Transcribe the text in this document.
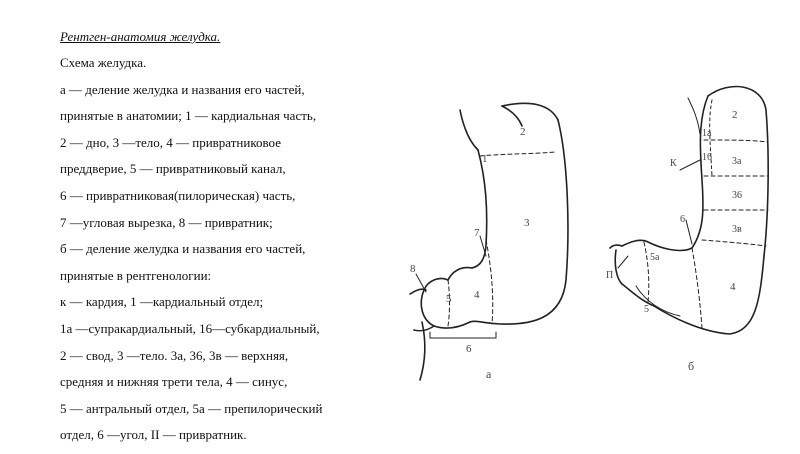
Рентген-анатомия желудка.

Схема желудка.

а — деление желудка и названия его частей,

принятые в анатомии; 1 — кардиальная часть,

2 — дно, 3 —тело, 4 — привратниковое

преддверие, 5 — привратниковый канал,

6 — привратниковая(пилорическая) часть,

7 —угловая вырезка, 8 — привратник;

б — деление желудка и названия его частей,

принятые в рентгенологии:

к — кардия, 1 —кардиальный отдел;

1а —супракардиальный, 16—субкардиальный,

2 — свод, 3 —тело. 3а, 36, 3в — верхняя,

средняя и нижняя трети тела, 4 — синус,

5 — антральный отдел, 5а — препилорический

отдел, 6 —угол, II — привратник.

1
2
3
4
5
6
7
8
а
1а
16
К
2
3а
36
3в
4
5
5а
6
П
б
